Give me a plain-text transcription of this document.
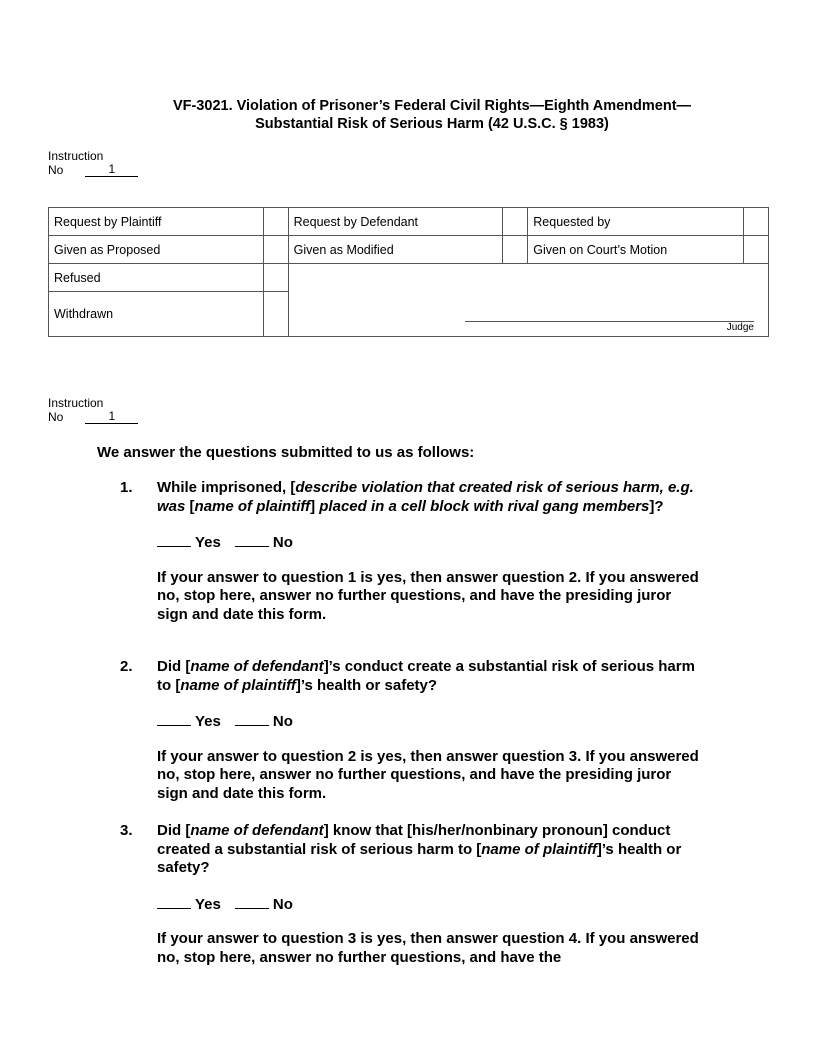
VF-3021. Violation of Prisoner’s Federal Civil Rights—Eighth Amendment—
Substantial Risk of Serious Harm (42 U.S.C. § 1983)
Instruction
No	1
Request by Plaintiff		Request by Defendant		Requested by	
Given as Proposed		Given as Modified		Given on Court’s Motion	
Refused		Judge			

Withdrawn					
Instruction
No	1
We answer the questions submitted to us as follows:
1. While imprisoned, [describe violation that created risk of serious harm, e.g. was [name of plaintiff] placed in a cell block with rival gang members]?
Yes	No
If your answer to question 1 is yes, then answer question 2. If you answered no, stop here, answer no further questions, and have the presiding juror sign and date this form.
2. Did [name of defendant]’s conduct create a substantial risk of serious harm to [name of plaintiff]’s health or safety?
Yes	No
If your answer to question 2 is yes, then answer question 3. If you answered no, stop here, answer no further questions, and have the presiding juror sign and date this form.
3. Did [name of defendant] know that [his/her/nonbinary pronoun] conduct created a substantial risk of serious harm to [name of plaintiff]’s health or safety?
Yes	No
If your answer to question 3 is yes, then answer question 4. If you answered no, stop here, answer no further questions, and have the
